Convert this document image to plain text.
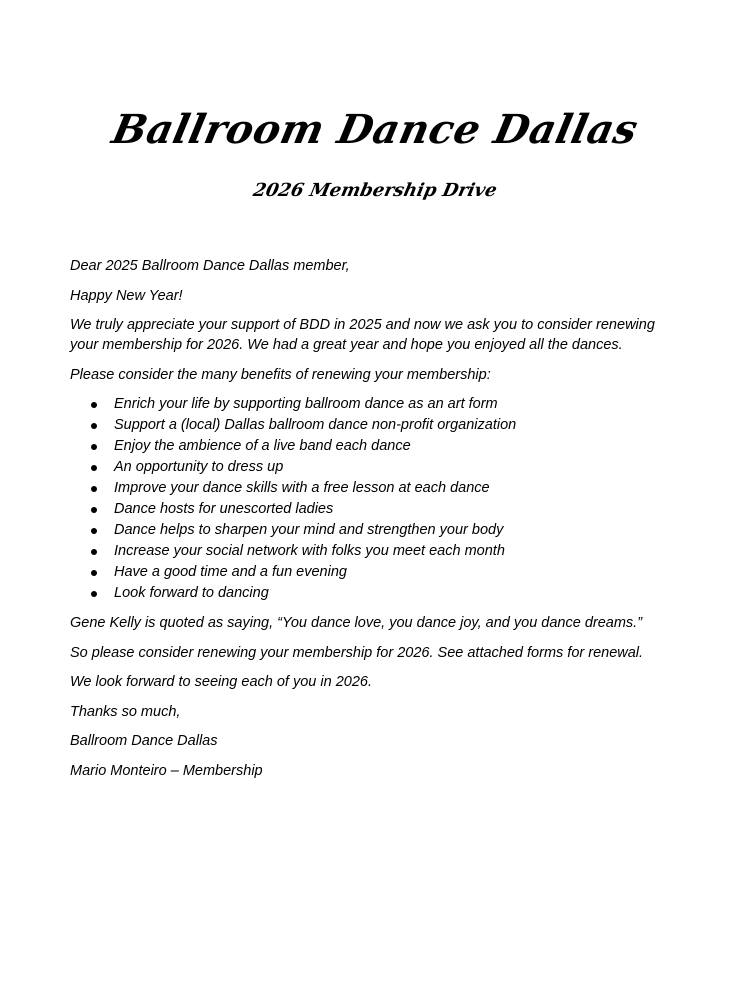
Ballroom Dance Dallas
2026 Membership Drive

Dear 2025 Ballroom Dance Dallas member,

Happy New Year!

We truly appreciate your support of BDD in 2025 and now we ask you to consider renewing your membership for 2026. We had a great year and hope you enjoyed all the dances.

Please consider the many benefits of renewing your membership:

Enrich your life by supporting ballroom dance as an art form
Support a (local) Dallas ballroom dance non-profit organization
Enjoy the ambience of a live band each dance
An opportunity to dress up
Improve your dance skills with a free lesson at each dance
Dance hosts for unescorted ladies
Dance helps to sharpen your mind and strengthen your body
Increase your social network with folks you meet each month
Have a good time and a fun evening
Look forward to dancing

Gene Kelly is quoted as saying, “You dance love, you dance joy, and you dance dreams.”

So please consider renewing your membership for 2026. See attached forms for renewal.

We look forward to seeing each of you in 2026.

Thanks so much,

Ballroom Dance Dallas

Mario Monteiro – Membership
